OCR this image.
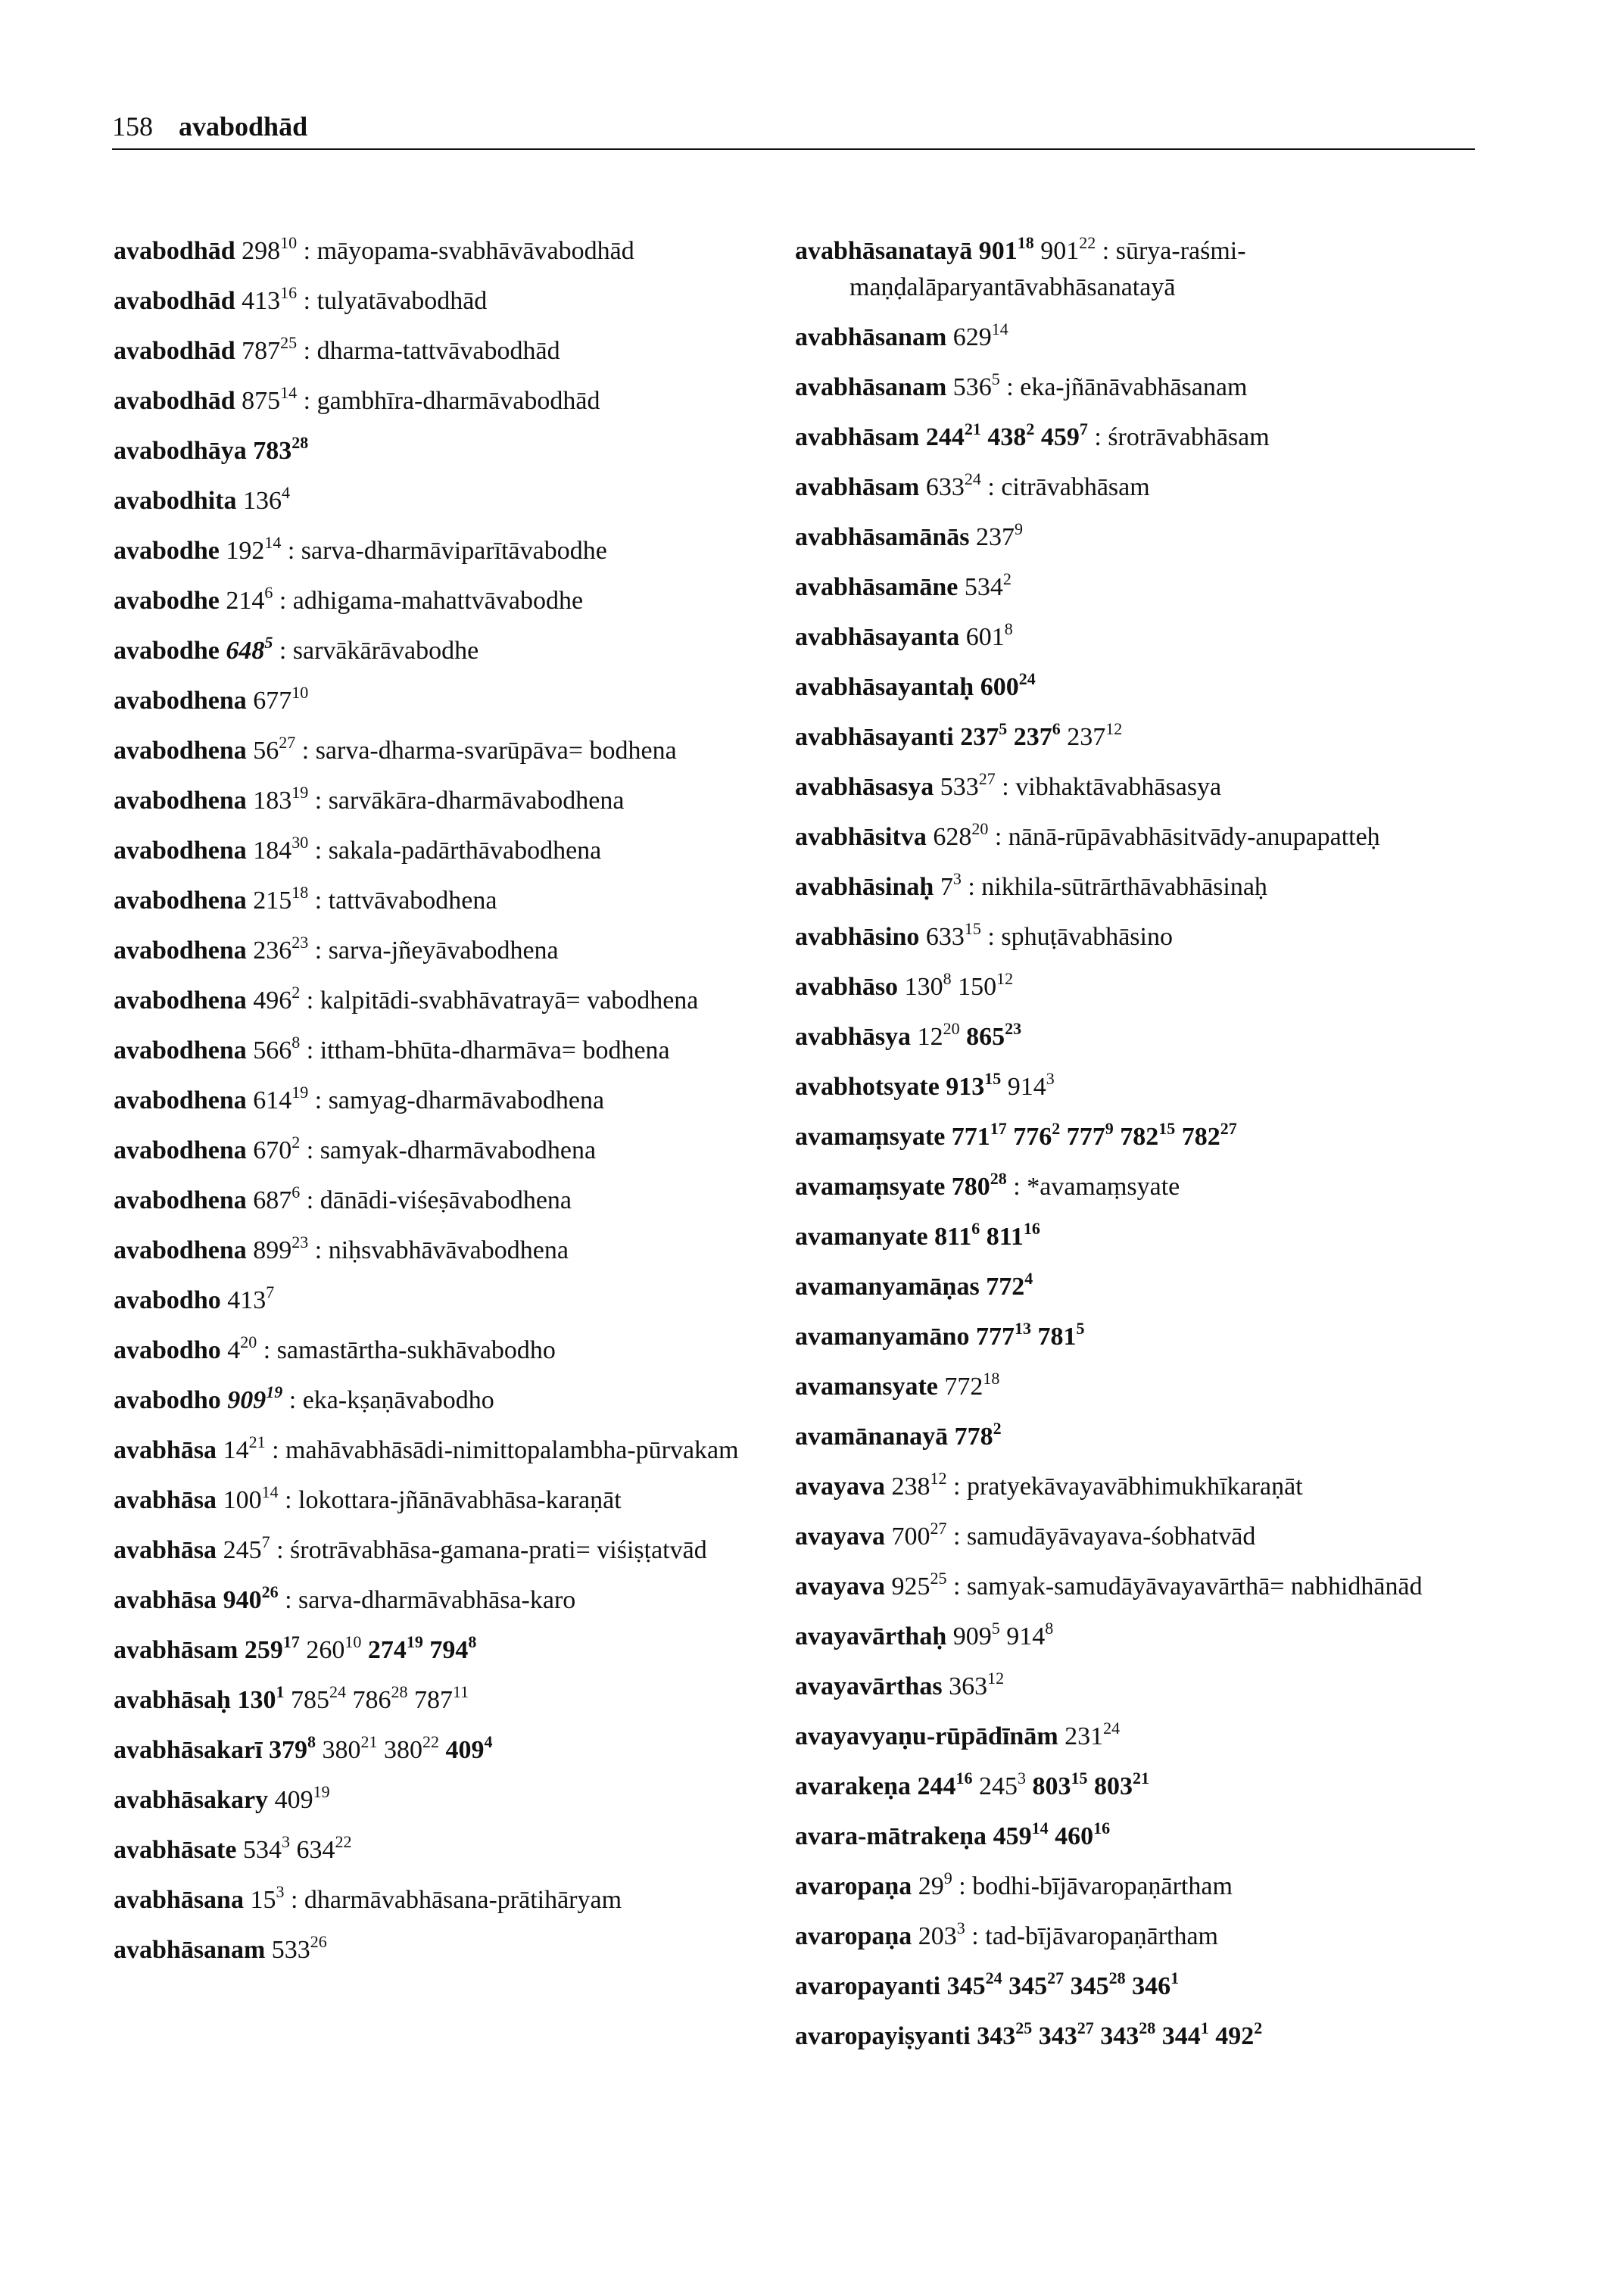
158 avabodhād
avabodhād $298^{10}$ : māyopama-svabhāvāvabodhād
avabodhād $413^{16}$ : tulyatāvabodhād
avabodhād $787^{25}$ : dharma-tattvāvabodhād
avabodhād $875^{14}$ : gambhīra-dharmāvabodhād
avabodhāya $783^{28}$
avabodhita $136^4$
avabodhe $192^{14}$ : sarva-dharmāviparītāvabodhe
avabodhe $214^6$ : adhigama-mahattvāvabodhe
avabodhe $648^5$ : sarvākārāvabodhe
avabodhena $677^{10}$
avabodhena $56^{27}$ : sarva-dharma-svarūpāva= bodhena
avabodhena $183^{19}$ : sarvākāra-dharmāvabodhena
avabodhena $184^{30}$ : sakala-padārthāvabodhena
avabodhena $215^{18}$ : tattvāvabodhena
avabodhena $236^{23}$ : sarva-jñeyāvabodhena
avabodhena $496^2$ : kalpitādi-svabhāvatrayā= vabodhena
avabodhena $566^8$ : ittham-bhūta-dharmāva= bodhena
avabodhena $614^{19}$ : samyag-dharmāvabodhena
avabodhena $670^2$ : samyak-dharmāvabodhena
avabodhena $687^6$ : dānādi-viśeṣāvabodhena
avabodhena $899^{23}$ : niḥsvabhāvāvabodhena
avabodho $413^7$
avabodho $4^{20}$ : samastārtha-sukhāvabodho
avabodho $909^{19}$ : eka-kṣaṇāvabodho
avabhāsa $14^{21}$ : mahāvabhāsādi-nimittopalambha-pūrvakam
avabhāsa $100^{14}$ : lokottara-jñānāvabhāsa-karaṇāt
avabhāsa $245^7$ : śrotrāvabhāsa-gamana-prati= viśiṣṭatvād
avabhāsa $940^{26}$ : sarva-dharmāvabhāsa-karo
avabhāsam $259^{17}$ $260^{10}$ $274^{19}$ $794^8$
avabhāsaḥ $130^1$ $785^{24}$ $786^{28}$ $787^{11}$
avabhāsakarī $379^8$ $380^{21}$ $380^{22}$ $409^4$
avabhāsakary $409^{19}$
avabhāsate $534^3$ $634^{22}$
avabhāsana $15^3$ : dharmāvabhāsana-prātihāryam
avabhāsanam $533^{26}$
avabhāsanatayā $901^{18}$ $901^{22}$ : sūrya-raśmi-maṇḍalāparyantāvabhāsanatayā
avabhāsanam $629^{14}$
avabhāsanam $536^5$ : eka-jñānāvabhāsanam
avabhāsam $244^{21}$ $438^2$ $459^7$ : śrotrāvabhāsam
avabhāsam $633^{24}$ : citrāvabhāsam
avabhāsamānās $237^9$
avabhāsamāne $534^2$
avabhāsayanta $601^8$
avabhāsayantaḥ $600^{24}$
avabhāsayanti $237^5$ $237^6$ $237^{12}$
avabhāsasya $533^{27}$ : vibhaktāvabhāsasya
avabhāsitva $628^{20}$ : nānā-rūpāvabhāsitvādy-anupapatteḥ
avabhāsinaḥ $7^3$ : nikhila-sūtrārthāvabhāsinaḥ
avabhāsino $633^{15}$ : sphuṭāvabhāsino
avabhāso $130^8$ $150^{12}$
avabhāsya $12^{20}$ $865^{23}$
avabhotsyate $913^{15}$ $914^3$
avamaṃsyate $771^{17}$ $776^2$ $777^9$ $782^{15}$ $782^{27}$
avamaṃsyate $780^{28}$ : *avamaṃsyate
avamanyate $811^6$ $811^{16}$
avamanyamāṇas $772^4$
avamanyamāno $777^{13}$ $781^5$
avamansyate $772^{18}$
avamānanayā $778^2$
avayava $238^{12}$ : pratyekāvayavābhimukhīkaraṇāt
avayava $700^{27}$ : samudāyāvayava-śobhatvād
avayava $925^{25}$ : samyak-samudāyāvayavārthā= nabhidhānād
avayavārthaḥ $909^5$ $914^8$
avayavārthas $363^{12}$
avayavyaṇu-rūpādīnām $231^{24}$
avarakeṇa $244^{16}$ $245^3$ $803^{15}$ $803^{21}$
avara-mātrakeṇa $459^{14}$ $460^{16}$
avaropaṇa $29^9$ : bodhi-bījāvaropaṇārtham
avaropaṇa $203^3$ : tad-bījāvaropaṇārtham
avaropayanti $345^{24}$ $345^{27}$ $345^{28}$ $346^1$
avaropayiṣyanti $343^{25}$ $343^{27}$ $343^{28}$ $344^1$ $492^2$
